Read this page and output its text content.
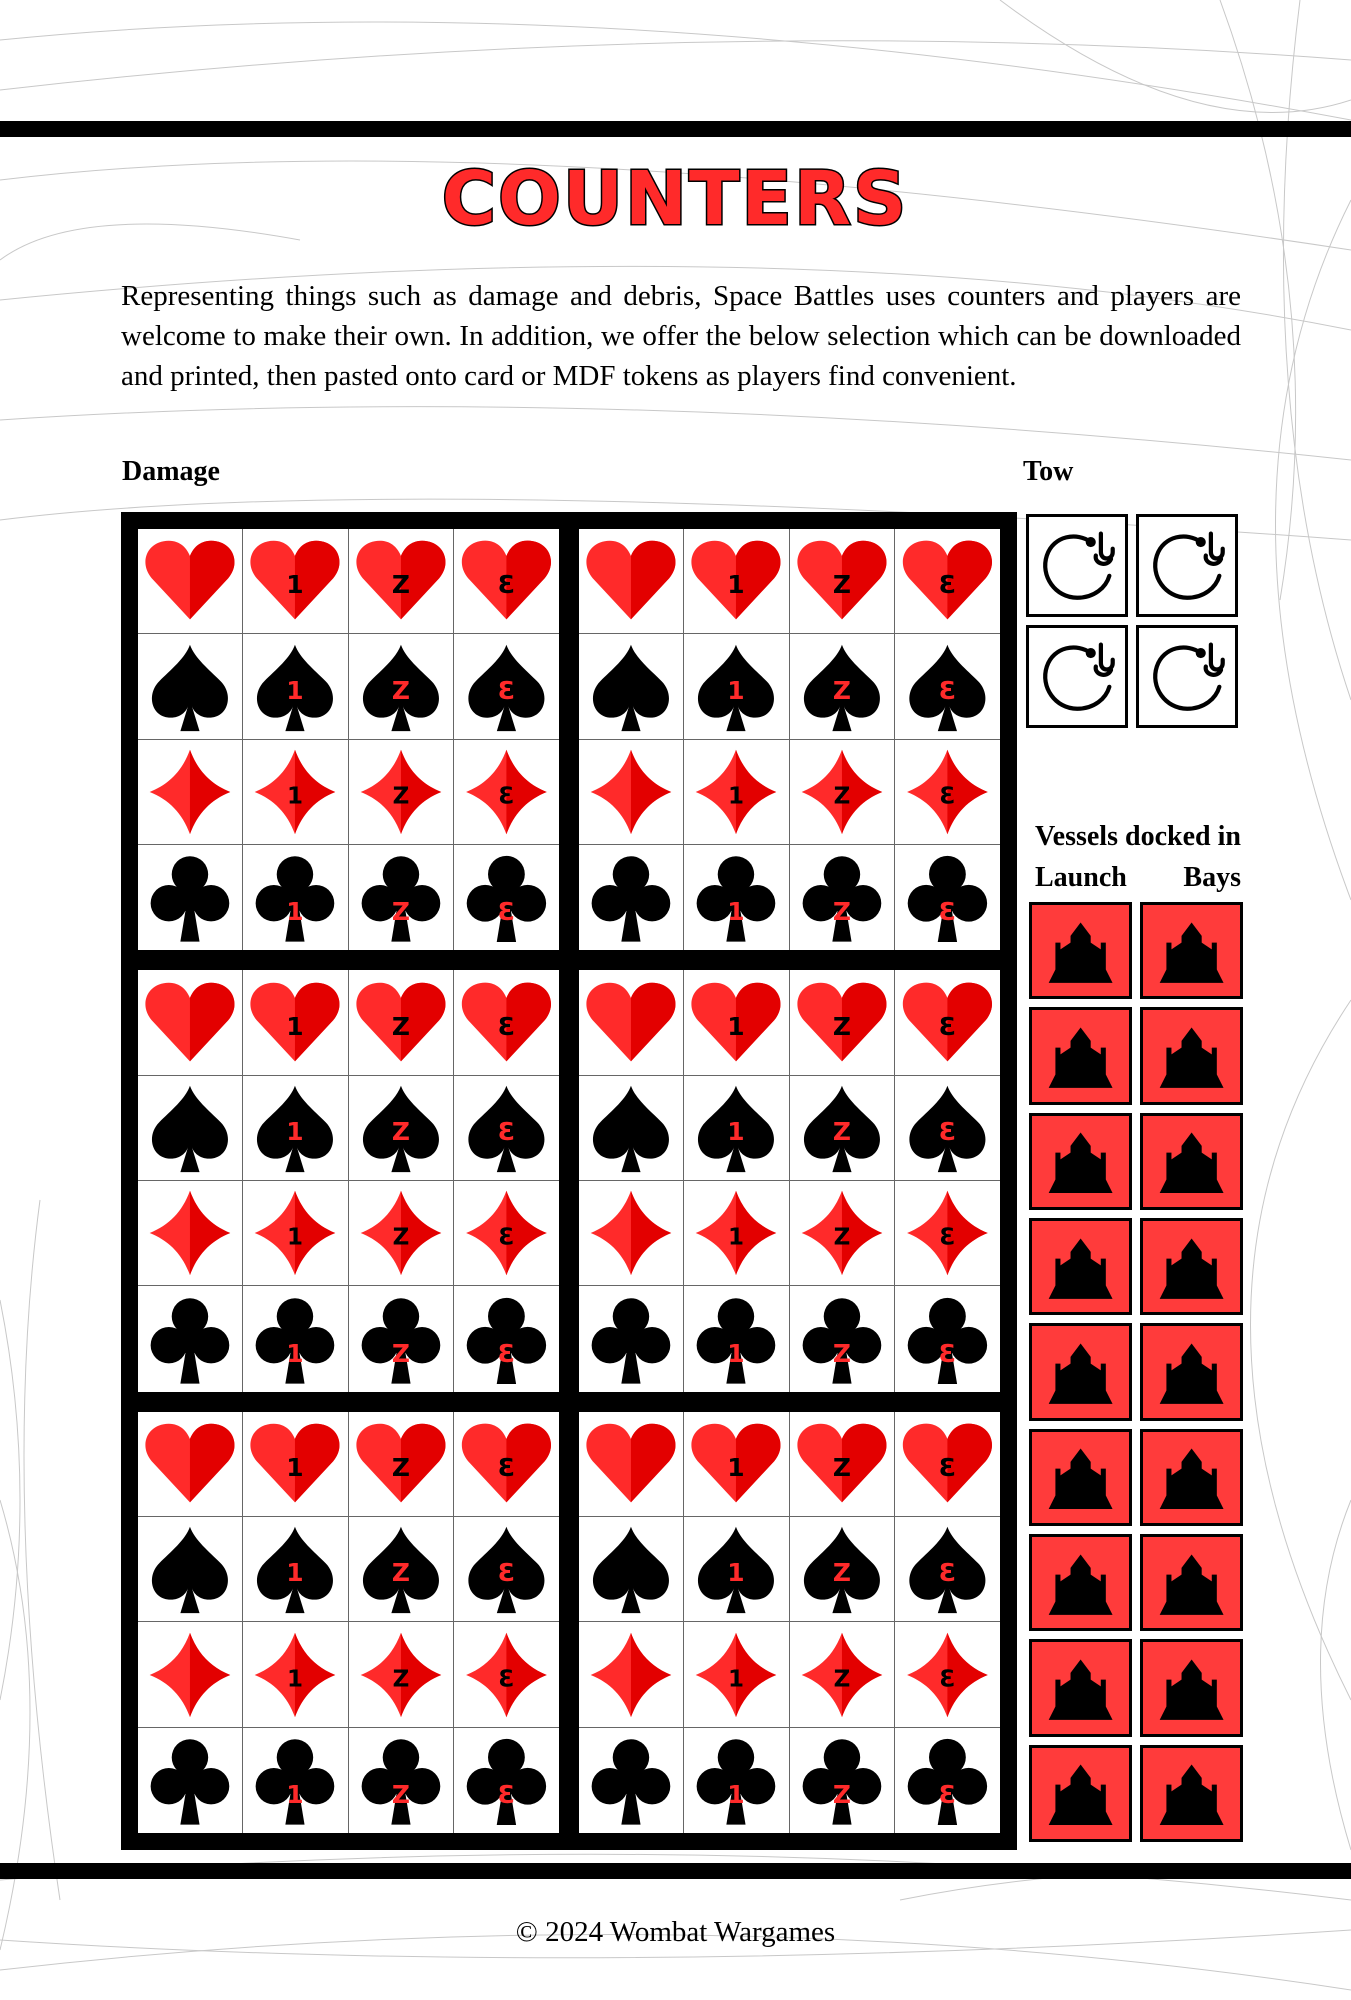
COUNTERS

Representing things such as damage and debris, Space Battles uses counters and players are welcome to make their own. In addition, we offer the below selection which can be downloaded and printed, then pasted onto card or MDF tokens as players find convenient.

Damage	Tow

Vessels docked in Launch Bays

1	Z	Ɛ
1	Z	Ɛ
1	Z	Ɛ
1	Z	Ɛ
1	Z	Ɛ
1	Z	Ɛ
1	Z	Ɛ
1	Z	Ɛ
1	Z	Ɛ
1	Z	Ɛ
1	Z	Ɛ
1	Z	Ɛ
1	Z	Ɛ
1	Z	Ɛ
1	Z	Ɛ
1	Z	Ɛ
1	Z	Ɛ
1	Z	Ɛ
1	Z	Ɛ
1	Z	Ɛ
1	Z	Ɛ
1	Z	Ɛ
1	Z	Ɛ
1	Z	Ɛ

© 2024 Wombat Wargames
